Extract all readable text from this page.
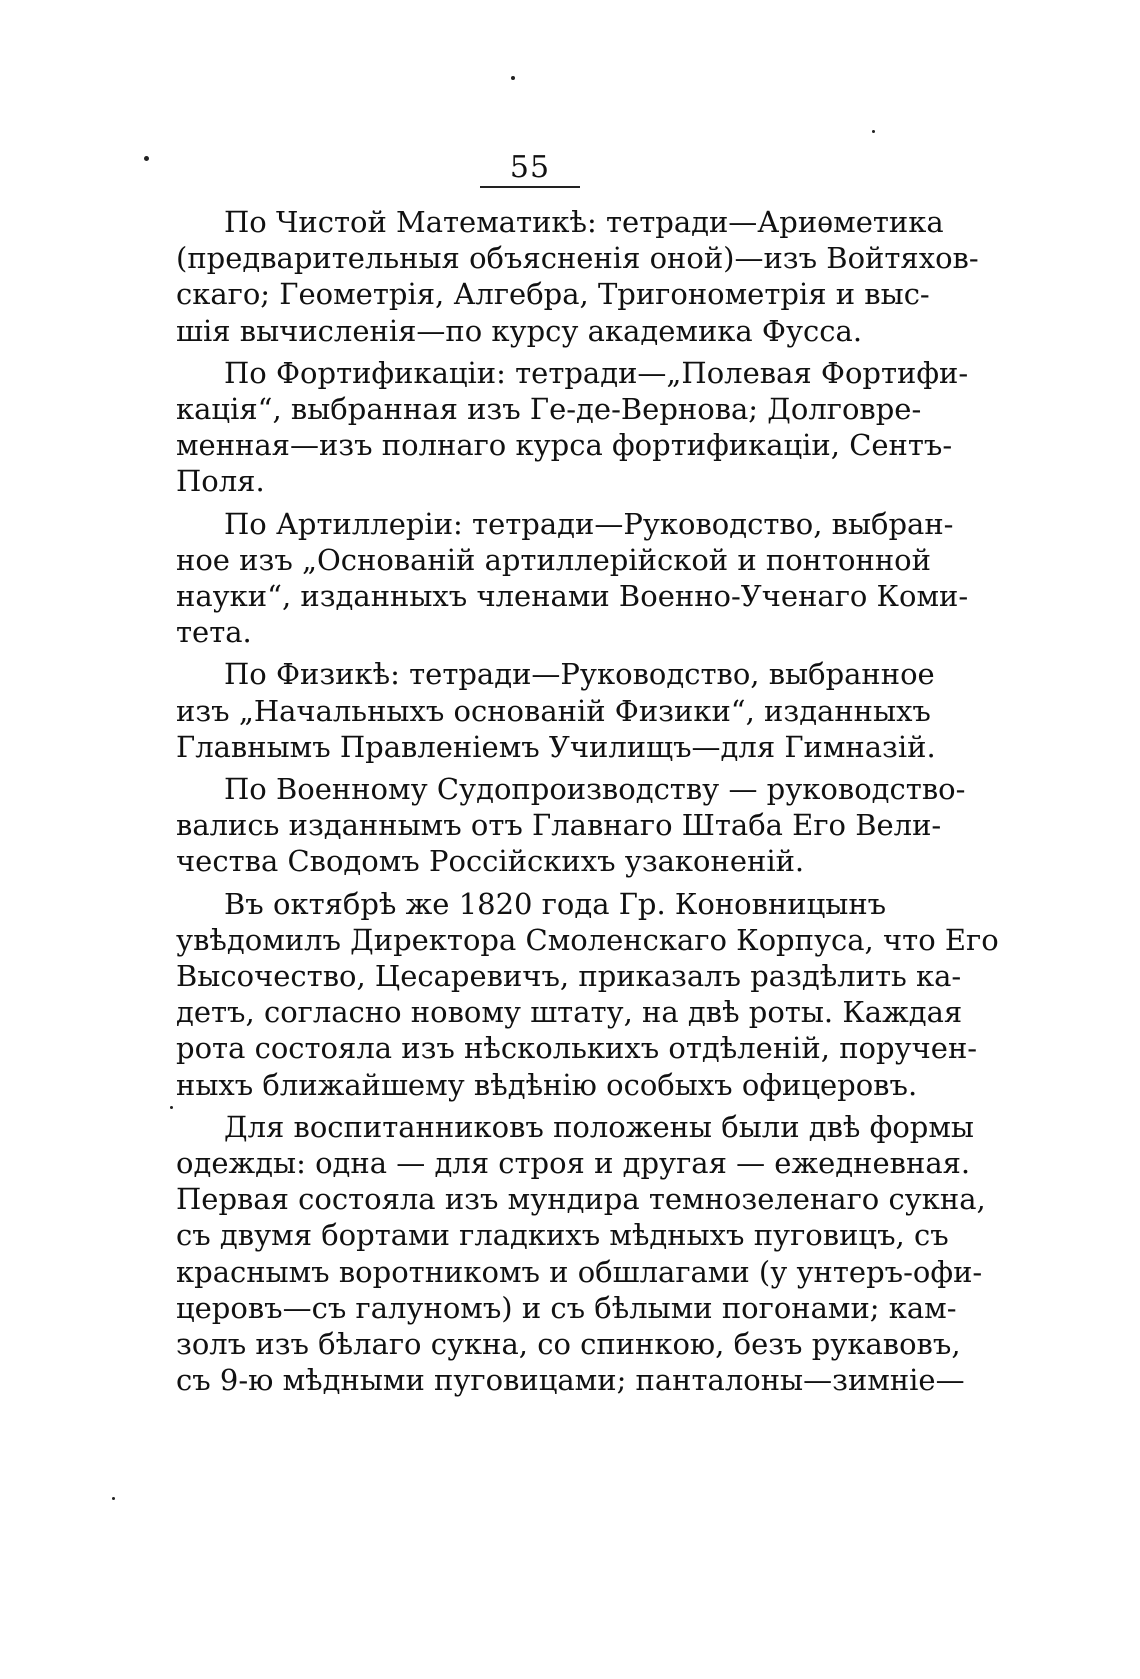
55
По Чистой Математикѣ: тетради—Ариѳметика
(предварительныя объясненія оной)—изъ Войтяхов-
скаго; Геометрія, Алгебра, Тригонометрія и выс-
шія вычисленія—по курсу академика Фусса.
По Фортификаціи: тетради—„Полевая Фортифи-
кація“, выбранная изъ Ге-де-Вернова; Долговре-
менная—изъ полнаго курса фортификаціи, Сентъ-
Поля.
По Артиллеріи: тетради—Руководство, выбран-
ное изъ „Основаній артиллерійской и понтонной
науки“, изданныхъ членами Военно-Ученаго Коми-
тета.
По Физикѣ: тетради—Руководство, выбранное
изъ „Начальныхъ основаній Физики“, изданныхъ
Главнымъ Правленіемъ Училищъ—для Гимназій.
По Военному Судопроизводству — руководство-
вались изданнымъ отъ Главнаго Штаба Его Вели-
чества Сводомъ Россійскихъ узаконеній.
Въ октябрѣ же 1820 года Гр. Коновницынъ
увѣдомилъ Директора Смоленскаго Корпуса, что Его
Высочество, Цесаревичъ, приказалъ раздѣлить ка-
детъ, согласно новому штату, на двѣ роты. Каждая
рота состояла изъ нѣсколькихъ отдѣленій, поручен-
ныхъ ближайшему вѣдѣнію особыхъ офицеровъ.
Для воспитанниковъ положены были двѣ формы
одежды: одна — для строя и другая — ежедневная.
Первая состояла изъ мундира темнозеленаго сукна,
съ двумя бортами гладкихъ мѣдныхъ пуговицъ, съ
краснымъ воротникомъ и обшлагами (у унтеръ-офи-
церовъ—съ галуномъ) и съ бѣлыми погонами; кам-
золъ изъ бѣлаго сукна, со спинкою, безъ рукавовъ,
съ 9-ю мѣдными пуговицами; панталоны—зимніе—
